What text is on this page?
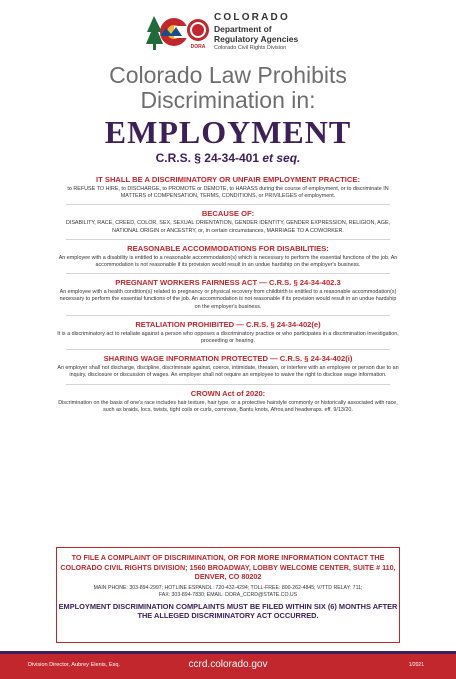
DORA
COLORADO
Department of
Regulatory Agencies
Colorado Civil Rights Division
Colorado Law Prohibits
Discrimination in:
EMPLOYMENT
C.R.S. § 24-34-401 et seq.
IT SHALL BE A DISCRIMINATORY OR UNFAIR EMPLOYMENT PRACTICE:

to REFUSE TO HIRE, to DISCHARGE, to PROMOTE or DEMOTE, to HARASS during the course of employment, or to discriminate IN MATTERS of COMPENSATION, TERMS, CONDITIONS, or PRIVILEGES of employment.

BECAUSE OF:

DISABILITY, RACE, CREED, COLOR, SEX, SEXUAL ORIENTATION, GENDER IDENTITY, GENDER EXPRESSION, RELIGION, AGE, NATIONAL ORIGIN or ANCESTRY, or, in certain circumstances, MARRIAGE TO A COWORKER.

REASONABLE ACCOMMODATIONS FOR DISABILITIES:

An employee with a disability is entitled to a reasonable accommodation(s) which is necessary to perform the essential functions of the job. An accommodation is not reasonable if its provision would result in an undue hardship on the employer's business.

PREGNANT WORKERS FAIRNESS ACT — C.R.S. § 24-34-402.3

An employee with a health condition(s) related to pregnancy or physical recovery from childbirth is entitled to a reasonable accommodation(s) necessary to perform the essential functions of the job. An accommodation is not reasonable if its provision would result in an undue hardship on the employer's business.

RETALIATION PROHIBITED — C.R.S. § 24-34-402(e)

It is a discriminatory act to retaliate against a person who opposes a discriminatory practice or who participates in a discrimination investigation, proceeding or hearing.

SHARING WAGE INFORMATION PROTECTED — C.R.S. § 24-34-402(i)

An employer shall not discharge, discipline, discriminate against, coerce, intimidate, threaten, or interfere with an employee or person due to an inquiry, disclosure or discussion of wages. An employer shall not require an employee to waive the right to disclose wage information.

CROWN Act of 2020:

Discrimination on the basis of one's race includes hair texture, hair type, or a protective hairstyle commonly or historically associated with race, such as braids, locs, twists, tight coils or curls, cornrows, Bantu knots, Afros,and headwraps. eff. 9/13/20.

TO FILE A COMPLAINT OF DISCRIMINATION, OR FOR MORE INFORMATION CONTACT THE COLORADO CIVIL RIGHTS DIVISION; 1560 BROADWAY, LOBBY WELCOME CENTER, SUITE # 110, DENVER, CO 80202
MAIN PHONE: 303-894-2997; HOTLINE ESPANOL: 720-432-4294; TOLL-FREE: 800-262-4845; V/TTD RELAY: 711;
FAX: 303-894-7830; EMAIL: DORA_CCRD@STATE.CO.US
EMPLOYMENT DISCRIMINATION COMPLAINTS MUST BE FILED WITHIN SIX (6) MONTHS AFTER THE ALLEGED DISCRIMINATORY ACT OCCURRED.
Division Director, Aubrey Elenis, Esq.	ccrd.colorado.gov	1/2021
